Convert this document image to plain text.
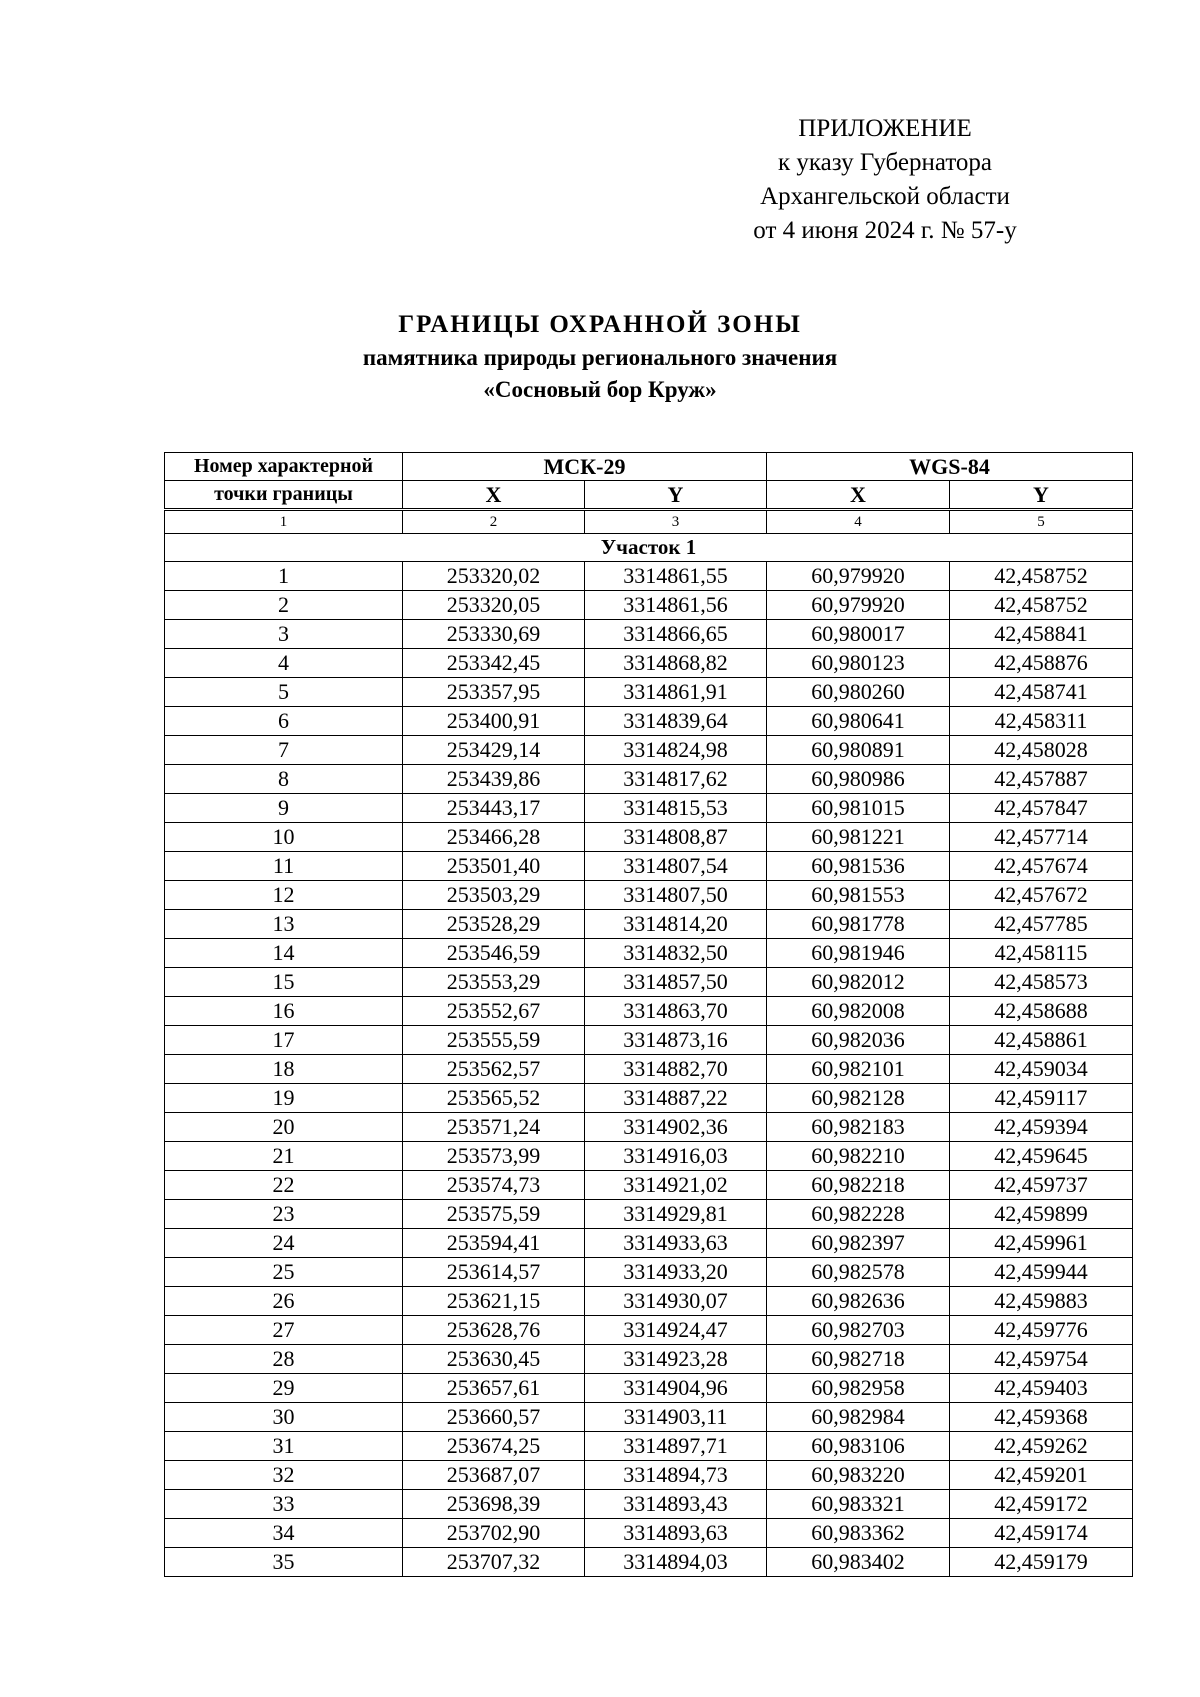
ПРИЛОЖЕНИЕ
к указу Губернатора
Архангельской области
от 4 июня 2024 г. № 57-у
ГРАНИЦЫ ОХРАННОЙ ЗОНЫ
памятника природы регионального значения
«Сосновый бор Круж»
Номер характерной	МСК-29		WGS-84	
точки границы	X	Y	X	Y
1	2	3	4	5
Участок 1				
1	253320,02	3314861,55	60,979920	42,458752
2	253320,05	3314861,56	60,979920	42,458752
3	253330,69	3314866,65	60,980017	42,458841
4	253342,45	3314868,82	60,980123	42,458876
5	253357,95	3314861,91	60,980260	42,458741
6	253400,91	3314839,64	60,980641	42,458311
7	253429,14	3314824,98	60,980891	42,458028
8	253439,86	3314817,62	60,980986	42,457887
9	253443,17	3314815,53	60,981015	42,457847
10	253466,28	3314808,87	60,981221	42,457714
11	253501,40	3314807,54	60,981536	42,457674
12	253503,29	3314807,50	60,981553	42,457672
13	253528,29	3314814,20	60,981778	42,457785
14	253546,59	3314832,50	60,981946	42,458115
15	253553,29	3314857,50	60,982012	42,458573
16	253552,67	3314863,70	60,982008	42,458688
17	253555,59	3314873,16	60,982036	42,458861
18	253562,57	3314882,70	60,982101	42,459034
19	253565,52	3314887,22	60,982128	42,459117
20	253571,24	3314902,36	60,982183	42,459394
21	253573,99	3314916,03	60,982210	42,459645
22	253574,73	3314921,02	60,982218	42,459737
23	253575,59	3314929,81	60,982228	42,459899
24	253594,41	3314933,63	60,982397	42,459961
25	253614,57	3314933,20	60,982578	42,459944
26	253621,15	3314930,07	60,982636	42,459883
27	253628,76	3314924,47	60,982703	42,459776
28	253630,45	3314923,28	60,982718	42,459754
29	253657,61	3314904,96	60,982958	42,459403
30	253660,57	3314903,11	60,982984	42,459368
31	253674,25	3314897,71	60,983106	42,459262
32	253687,07	3314894,73	60,983220	42,459201
33	253698,39	3314893,43	60,983321	42,459172
34	253702,90	3314893,63	60,983362	42,459174
35	253707,32	3314894,03	60,983402	42,459179
